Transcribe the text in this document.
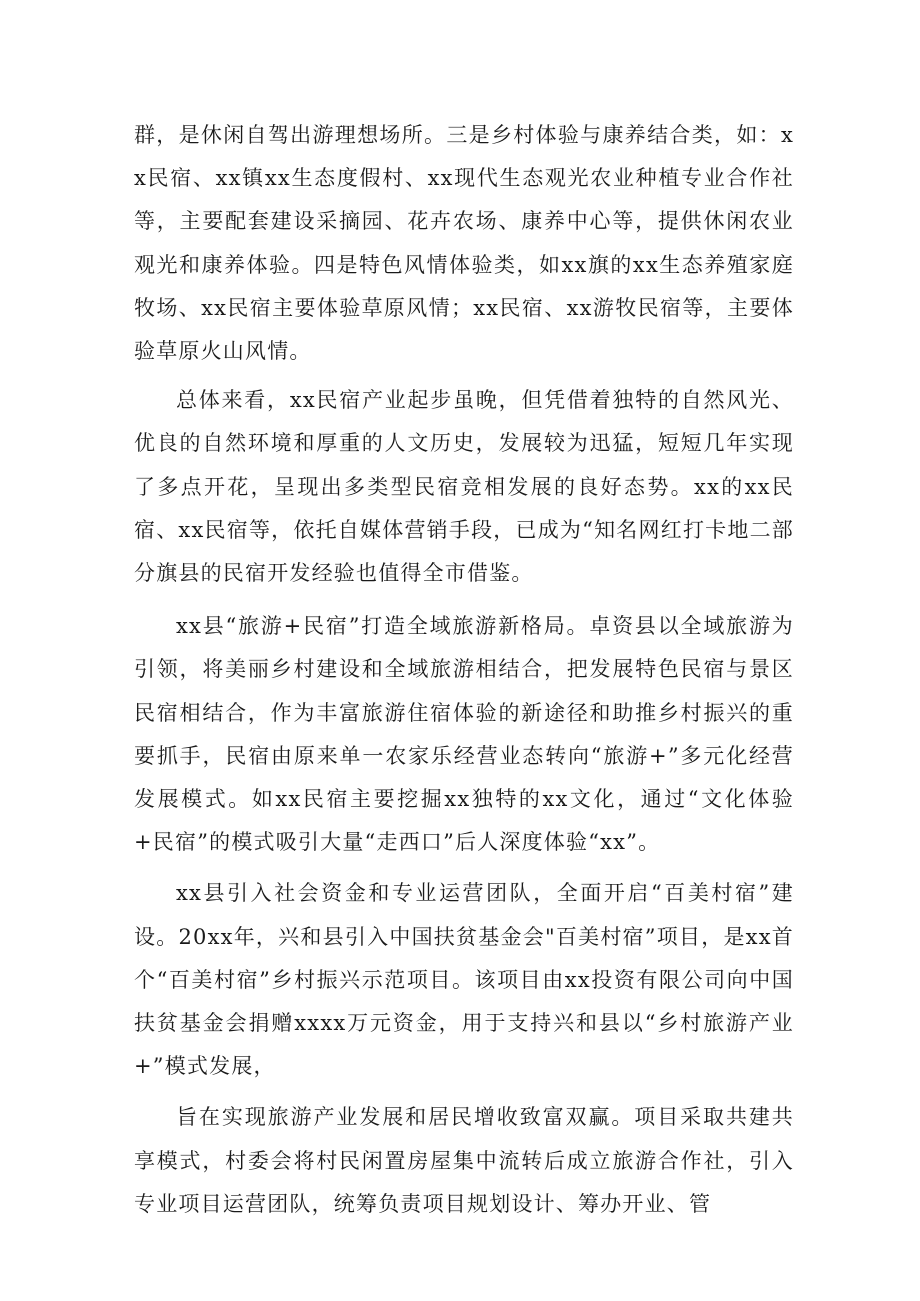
群，是休闲自驾出游理想场所。三是乡村体验与康养结合类，如：xx民宿、xx镇xx生态度假村、xx现代生态观光农业种植专业合作社等，主要配套建设采摘园、花卉农场、康养中心等，提供休闲农业观光和康养体验。四是特色风情体验类，如xx旗的xx生态养殖家庭牧场、xx民宿主要体验草原风情；xx民宿、xx游牧民宿等，主要体验草原火山风情。

总体来看，xx民宿产业起步虽晚，但凭借着独特的自然风光、优良的自然环境和厚重的人文历史，发展较为迅猛，短短几年实现了多点开花，呈现出多类型民宿竞相发展的良好态势。xx的xx民宿、xx民宿等，依托自媒体营销手段，已成为“知名网红打卡地二部分旗县的民宿开发经验也值得全市借鉴。

xx县“旅游+民宿”打造全域旅游新格局。卓资县以全域旅游为引领，将美丽乡村建设和全域旅游相结合，把发展特色民宿与景区民宿相结合，作为丰富旅游住宿体验的新途径和助推乡村振兴的重要抓手，民宿由原来单一农家乐经营业态转向“旅游+”多元化经营发展模式。如xx民宿主要挖掘xx独特的xx文化，通过“文化体验+民宿”的模式吸引大量“走西口”后人深度体验“xx”。

xx县引入社会资金和专业运营团队，全面开启“百美村宿”建设。20xx年，兴和县引入中国扶贫基金会"百美村宿”项目，是xx首个“百美村宿”乡村振兴示范项目。该项目由xx投资有限公司向中国扶贫基金会捐赠xxxx万元资金，用于支持兴和县以“乡村旅游产业+”模式发展，

旨在实现旅游产业发展和居民增收致富双赢。项目采取共建共享模式，村委会将村民闲置房屋集中流转后成立旅游合作社，引入专业项目运营团队，统筹负责项目规划设计、筹办开业、管
